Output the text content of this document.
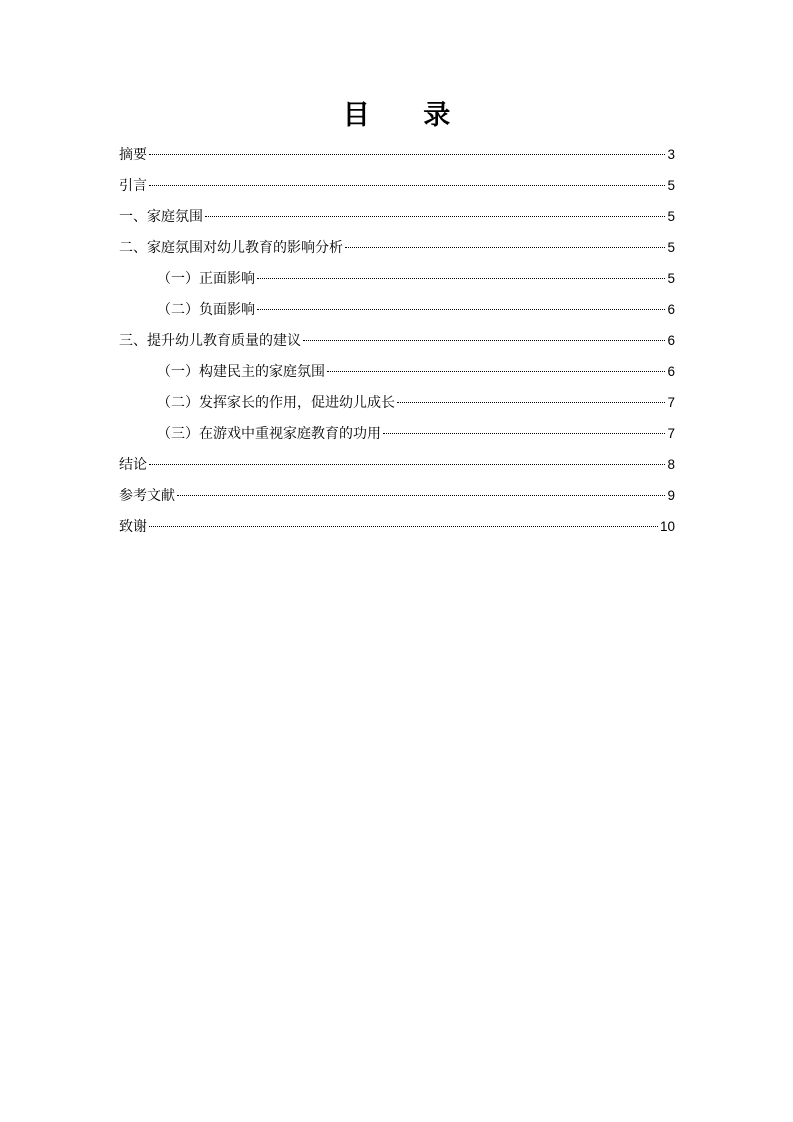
目 录
摘要	3
引言	5
一、家庭氛围	5
二、家庭氛围对幼儿教育的影响分析	5
（一）正面影响	5
（二）负面影响	6
三、提升幼儿教育质量的建议	6
（一）构建民主的家庭氛围	6
（二）发挥家长的作用，促进幼儿成长	7
（三）在游戏中重视家庭教育的功用	7
结论	8
参考文献	9
致谢	10
